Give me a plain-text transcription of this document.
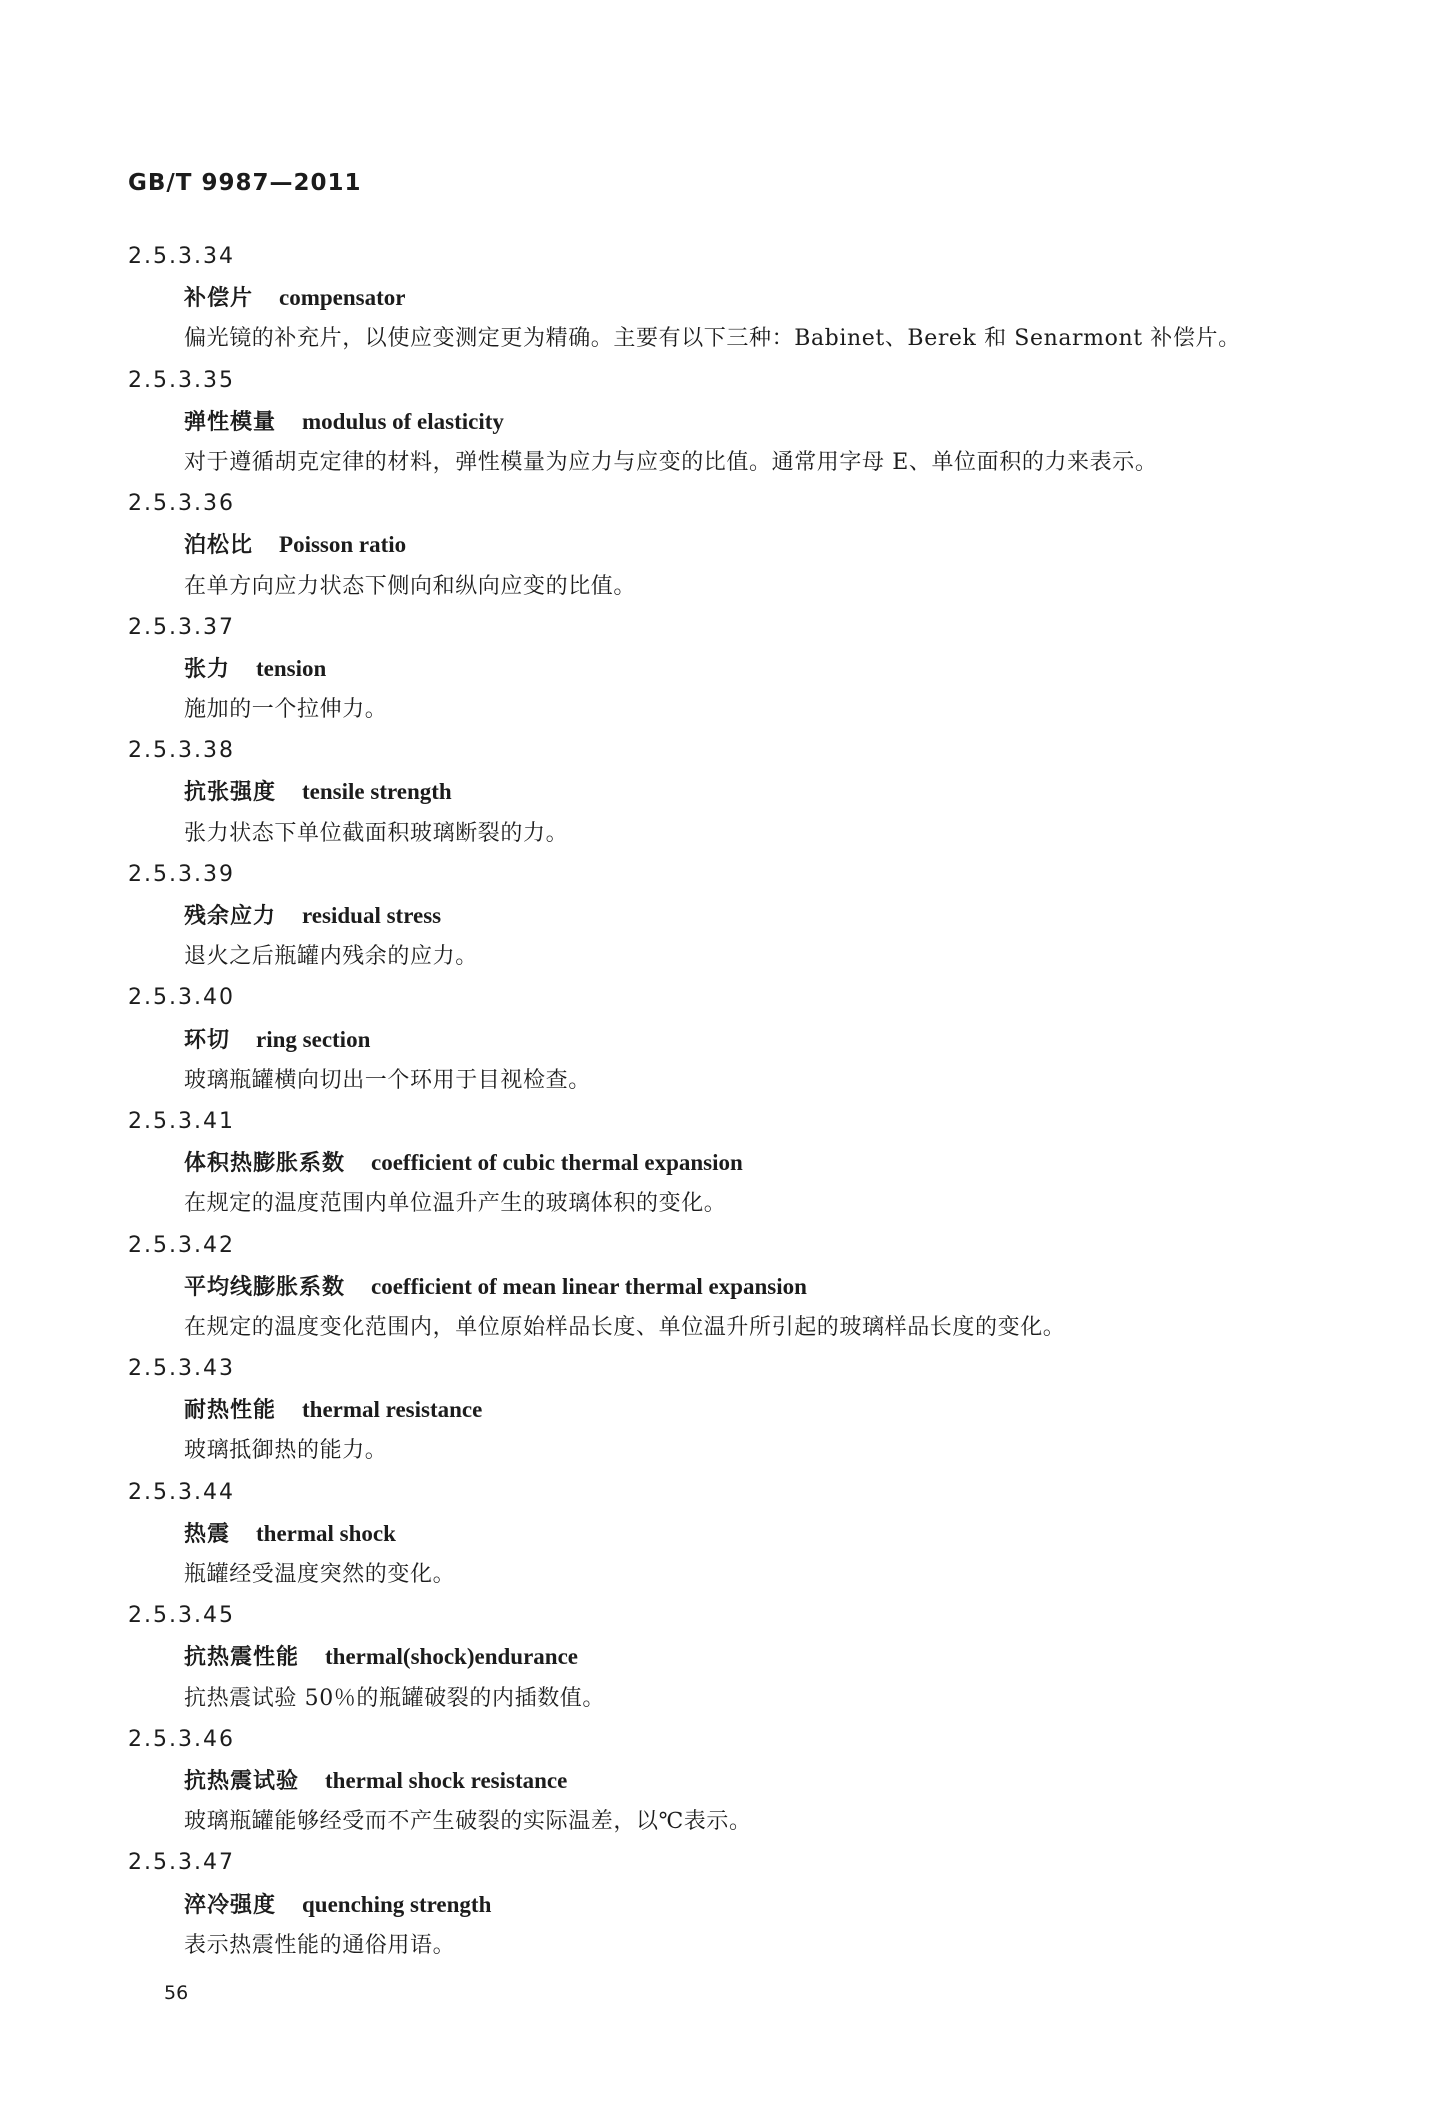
GB/T 9987—2011
2.5.3.34
补偿片 compensator
偏光镜的补充片，以使应变测定更为精确。主要有以下三种：Babinet、Berek 和 Senarmont 补偿片。
2.5.3.35
弹性模量 modulus of elasticity
对于遵循胡克定律的材料，弹性模量为应力与应变的比值。通常用字母 E、单位面积的力来表示。
2.5.3.36
泊松比 Poisson ratio
在单方向应力状态下侧向和纵向应变的比值。
2.5.3.37
张力 tension
施加的一个拉伸力。
2.5.3.38
抗张强度 tensile strength
张力状态下单位截面积玻璃断裂的力。
2.5.3.39
残余应力 residual stress
退火之后瓶罐内残余的应力。
2.5.3.40
环切 ring section
玻璃瓶罐横向切出一个环用于目视检查。
2.5.3.41
体积热膨胀系数 coefficient of cubic thermal expansion
在规定的温度范围内单位温升产生的玻璃体积的变化。
2.5.3.42
平均线膨胀系数 coefficient of mean linear thermal expansion
在规定的温度变化范围内，单位原始样品长度、单位温升所引起的玻璃样品长度的变化。
2.5.3.43
耐热性能 thermal resistance
玻璃抵御热的能力。
2.5.3.44
热震 thermal shock
瓶罐经受温度突然的变化。
2.5.3.45
抗热震性能 thermal(shock)endurance
抗热震试验 50％的瓶罐破裂的内插数值。
2.5.3.46
抗热震试验 thermal shock resistance
玻璃瓶罐能够经受而不产生破裂的实际温差，以℃表示。
2.5.3.47
淬冷强度 quenching strength
表示热震性能的通俗用语。
56
